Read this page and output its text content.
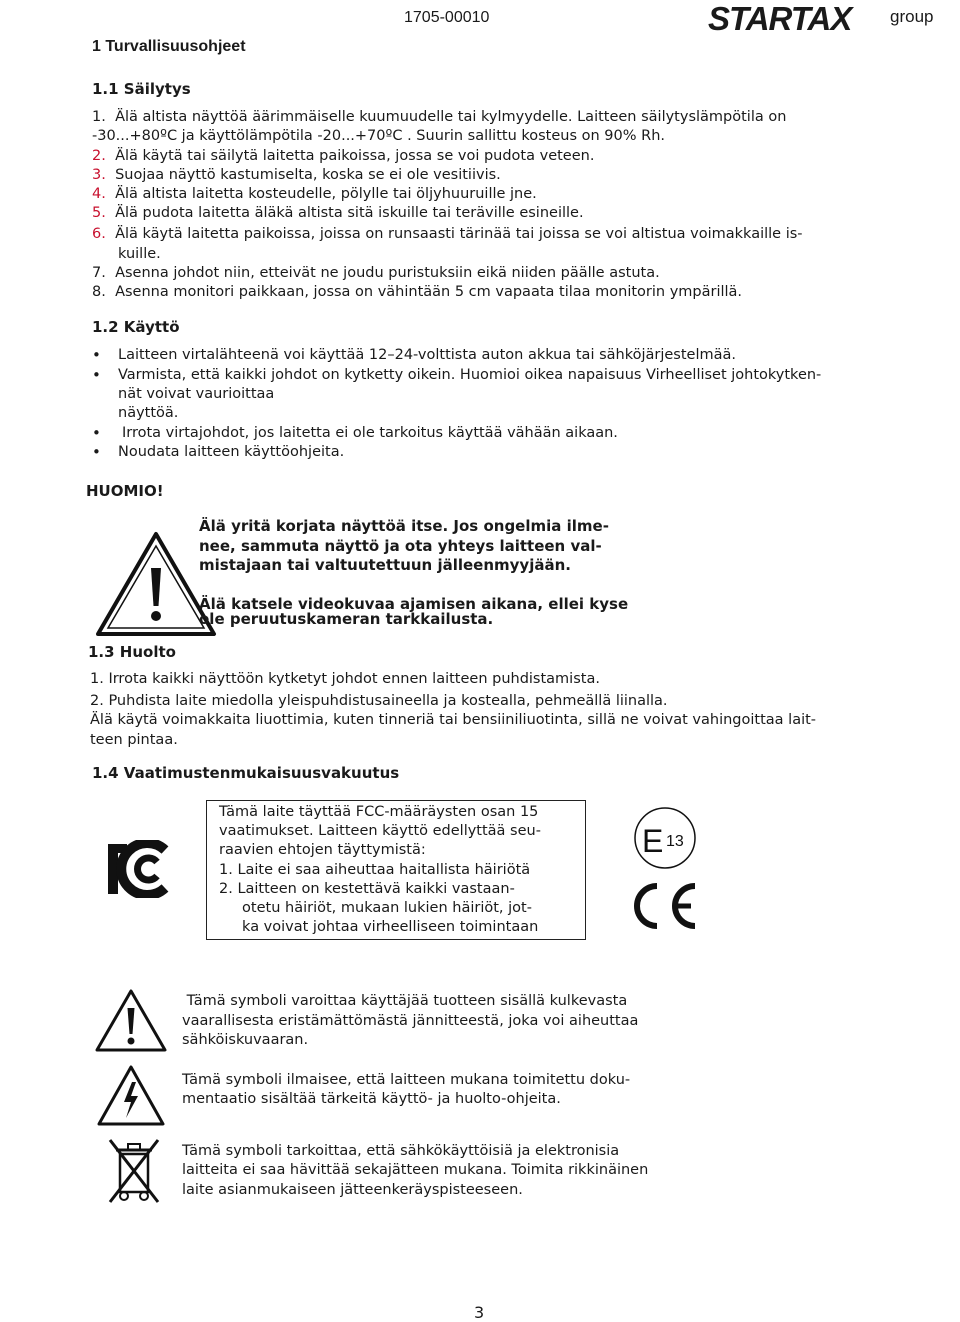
1705-00010	STARTAX group
1 Turvallisuusohjeet
1.1 Säilytys
1. Älä altista näyttöä äärimmäiselle kuumuudelle tai kylmyydelle. Laitteen säilytyslämpötila on
-30...+80ºC ja käyttölämpötila -20...+70ºC . Suurin sallittu kosteus on 90% Rh.
2. Älä käytä tai säilytä laitetta paikoissa, jossa se voi pudota veteen.
3. Suojaa näyttö kastumiselta, koska se ei ole vesitiivis.
4. Älä altista laitetta kosteudelle, pölylle tai öljyhuuruille jne.
5. Älä pudota laitetta äläkä altista sitä iskuille tai teräville esineille.
6. Älä käytä laitetta paikoissa, joissa on runsaasti tärinää tai joissa se voi altistua voimakkaille is-
kuille.
7. Asenna johdot niin, etteivät ne joudu puristuksiin eikä niiden päälle astuta.
8. Asenna monitori paikkaan, jossa on vähintään 5 cm vapaata tilaa monitorin ympärillä.
1.2 Käyttö
•	Laitteen virtalähteenä voi käyttää 12–24-volttista auton akkua tai sähköjärjestelmää.
•	Varmista, että kaikki johdot on kytketty oikein. Huomioi oikea napaisuus Virheelliset johtokytken-
nät voivat vaurioittaa
näyttöä.
•	Irrota virtajohdot, jos laitetta ei ole tarkoitus käyttää vähään aikaan.
•	Noudata laitteen käyttöohjeita.
HUOMIO!
Älä yritä korjata näyttöä itse. Jos ongelmia ilme-
nee, sammuta näyttö ja ota yhteys laitteen val-
mistajaan tai valtuutettuun jälleenmyyjään.
Älä katsele videokuvaa ajamisen aikana, ellei kyse
ole peruutuskameran tarkkailusta.
1.3 Huolto
1. Irrota kaikki näyttöön kytketyt johdot ennen laitteen puhdistamista.
2. Puhdista laite miedolla yleispuhdistusaineella ja kostealla, pehmeällä liinalla.
Älä käytä voimakkaita liuottimia, kuten tinneriä tai bensiiniliuotinta, sillä ne voivat vahingoittaa lait-
teen pintaa.
1.4 Vaatimustenmukaisuusvakuutus
Tämä laite täyttää FCC-määräysten osan 15
vaatimukset. Laitteen käyttö edellyttää seu-
raavien ehtojen täyttymistä:
1. Laite ei saa aiheuttaa haitallista häiriötä
2. Laitteen on kestettävä kaikki vastaan-
otetu häiriöt, mukaan lukien häiriöt, jot-
ka voivat johtaa virheelliseen toimintaan
E 13
Tämä symboli varoittaa käyttäjää tuotteen sisällä kulkevasta
vaarallisesta eristämättömästä jännitteestä, joka voi aiheuttaa
sähköiskuvaaran.
Tämä symboli ilmaisee, että laitteen mukana toimitettu doku-
mentaatio sisältää tärkeitä käyttö- ja huolto-ohjeita.
Tämä symboli tarkoittaa, että sähkökäyttöisiä ja elektronisia
laitteita ei saa hävittää sekajätteen mukana. Toimita rikkinäinen
laite asianmukaiseen jätteenkeräyspisteeseen.
3
